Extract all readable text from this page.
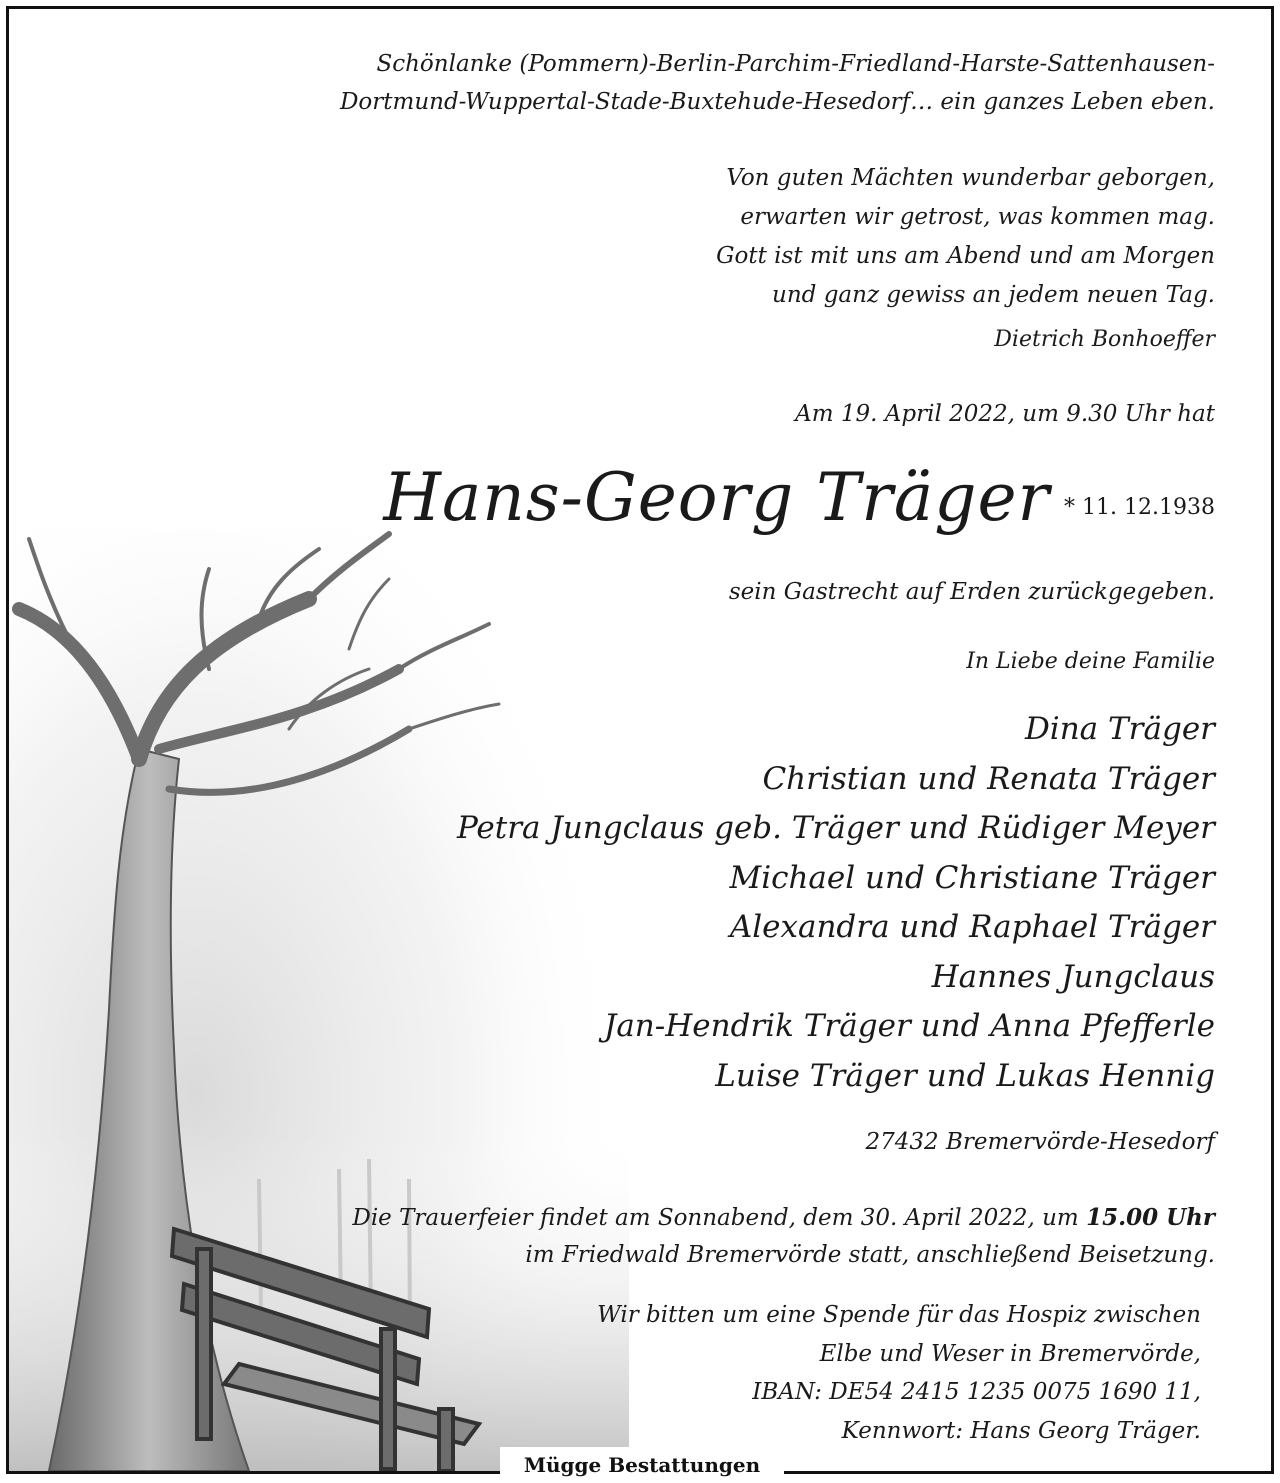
Schönlanke (Pommern)-Berlin-Parchim-Friedland-Harste-Sattenhausen-
Dortmund-Wuppertal-Stade-Buxtehude-Hesedorf… ein ganzes Leben eben.
Von guten Mächten wunderbar geborgen,
erwarten wir getrost, was kommen mag.
Gott ist mit uns am Abend und am Morgen
und ganz gewiss an jedem neuen Tag.
Dietrich Bonhoeffer
Am 19. April 2022, um 9.30 Uhr hat
Hans-Georg Träger * 11. 12.1938
sein Gastrecht auf Erden zurückgegeben.
In Liebe deine Familie
Dina Träger
Christian und Renata Träger
Petra Jungclaus geb. Träger und Rüdiger Meyer
Michael und Christiane Träger
Alexandra und Raphael Träger
Hannes Jungclaus
Jan-Hendrik Träger und Anna Pfefferle
Luise Träger und Lukas Hennig
27432 Bremervörde-Hesedorf
Die Trauerfeier findet am Sonnabend, dem 30. April 2022, um 15.00 Uhr
im Friedwald Bremervörde statt, anschließend Beisetzung.
Wir bitten um eine Spende für das Hospiz zwischen
Elbe und Weser in Bremervörde,
IBAN: DE54 2415 1235 0075 1690 11,
Kennwort: Hans Georg Träger.
Mügge Bestattungen
